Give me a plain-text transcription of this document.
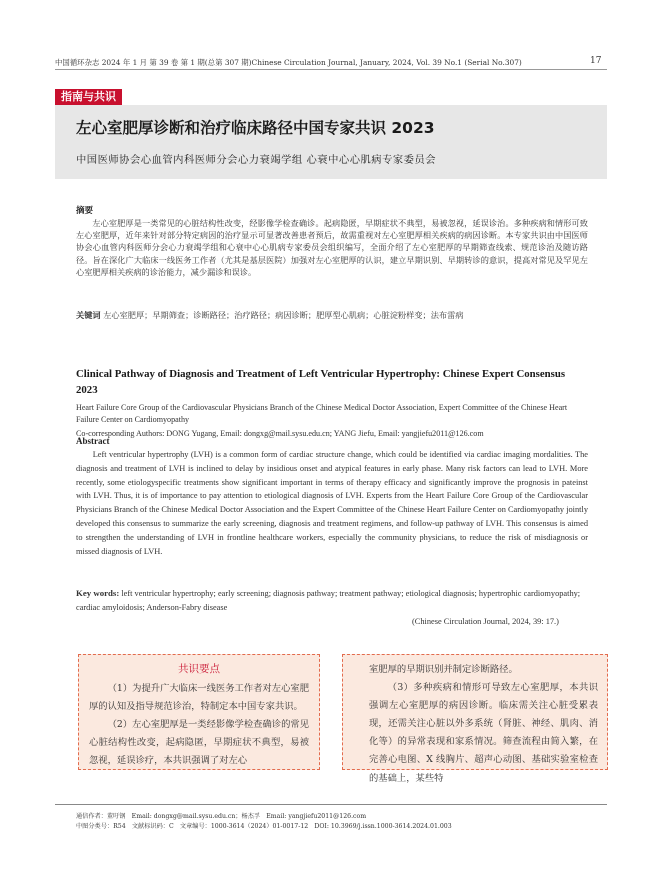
中国循环杂志 2024 年 1 月 第 39 卷 第 1 期(总第 307 期)Chinese Circulation Journal, January, 2024, Vol. 39 No.1 (Serial No.307)	17
指南与共识
左心室肥厚诊断和治疗临床路径中国专家共识 2023
中国医师协会心血管内科医师分会心力衰竭学组 心衰中心心肌病专家委员会
摘要
左心室肥厚是一类常见的心脏结构性改变，经影像学检查确诊。起病隐匿，早期症状不典型，易被忽视，延误诊治。多种疾病和情形可致左心室肥厚，近年来针对部分特定病因的治疗显示可显著改善患者预后，故需重视对左心室肥厚相关疾病的病因诊断。本专家共识由中国医师协会心血管内科医师分会心力衰竭学组和心衰中心心肌病专家委员会组织编写，全面介绍了左心室肥厚的早期筛查线索、规范诊治及随访路径。旨在深化广大临床一线医务工作者（尤其是基层医院）加强对左心室肥厚的认识，建立早期识别、早期转诊的意识，提高对常见及罕见左心室肥厚相关疾病的诊治能力，减少漏诊和误诊。
关键词 左心室肥厚；早期筛查；诊断路径；治疗路径；病因诊断；肥厚型心肌病；心脏淀粉样变；法布雷病
Clinical Pathway of Diagnosis and Treatment of Left Ventricular Hypertrophy: Chinese Expert Consensus 2023
Heart Failure Core Group of the Cardiovascular Physicians Branch of the Chinese Medical Doctor Association, Expert Committee of the Chinese Heart Failure Center on Cardiomyopathy
Co-corresponding Authors: DONG Yugang, Email: dongxg@mail.sysu.edu.cn; YANG Jiefu, Email: yangjiefu2011@126.com
Abstract
Left ventricular hypertrophy (LVH) is a common form of cardiac structure change, which could be identified via cardiac imaging mordalities. The diagnosis and treatment of LVH is inclined to delay by insidious onset and atypical features in early phase. Many risk factors can lead to LVH. More recently, some etiologyspecific treatments show significant important in terms of therapy efficacy and significantly improve the prognosis in pateinst with LVH. Thus, it is of importance to pay attention to etiological diagnosis of LVH. Experts from the Heart Failure Core Group of the Cardiovascular Physicians Branch of the Chinese Medical Doctor Association and the Expert Committee of the Chinese Heart Failure Center on Cardiomyopathy jointly developed this consensus to summarize the early screening, diagnosis and treatment regimens, and follow-up pathway of LVH. This consensus is aimed to strengthen the understanding of LVH in frontline healthcare workers, especially the community physicians, to reduce the risk of misdiagnosis or missed diagnosis of LVH.
Key words: left ventricular hypertrophy; early screening; diagnosis pathway; treatment pathway; etiological diagnosis; hypertrophic cardiomyopathy; cardiac amyloidosis; Anderson-Fabry disease
(Chinese Circulation Journal, 2024, 39: 17.)
共识要点
（1）为提升广大临床一线医务工作者对左心室肥厚的认知及指导规范诊治，特制定本中国专家共识。
（2）左心室肥厚是一类经影像学检查确诊的常见心脏结构性改变，起病隐匿，早期症状不典型，易被忽视，延误诊疗，本共识强调了对左心
室肥厚的早期识别并制定诊断路径。
（3）多种疾病和情形可导致左心室肥厚，本共识强调左心室肥厚的病因诊断。临床需关注心脏受累表现，还需关注心脏以外多系统（肾脏、神经、肌肉、消化等）的异常表现和家系情况。筛查流程由简入繁，在完善心电图、X 线胸片、超声心动图、基础实验室检查的基础上，某些特
通信作者：董吁钢　Email: dongxg@mail.sysu.edu.cn；杨杰孚　Email: yangjiefu2011@126.com
中图分类号：R54　文献标识码：C　文章编号：1000-3614（2024）01-0017-12　DOI: 10.3969/j.issn.1000-3614.2024.01.003
